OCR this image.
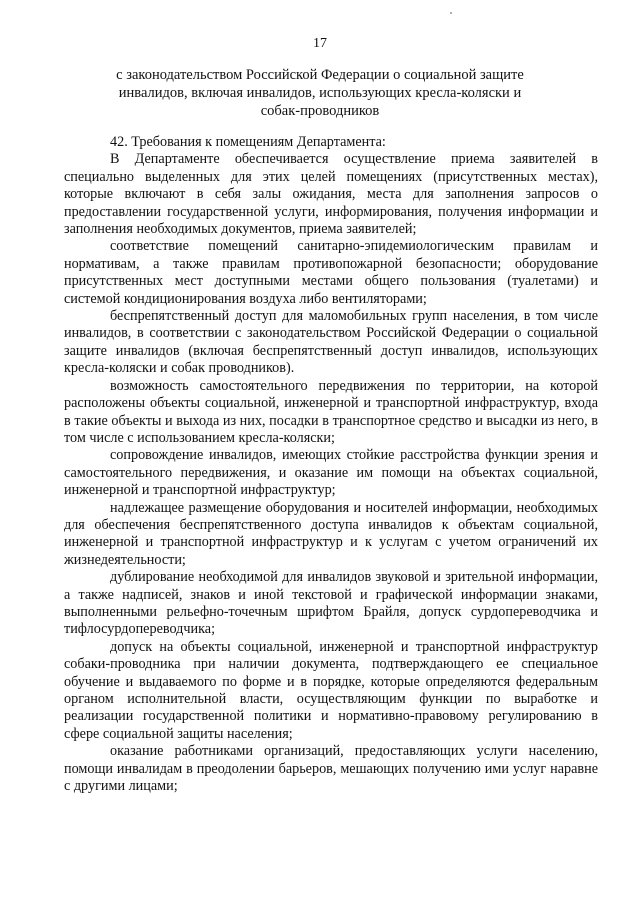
17
с законодательством Российской Федерации о социальной защите инвалидов, включая инвалидов, использующих кресла-коляски и собак-проводников

42. Требования к помещениям Департамента:

В Департаменте обеспечивается осуществление приема заявителей в специально выделенных для этих целей помещениях (присутственных местах), которые включают в себя залы ожидания, места для заполнения запросов о предоставлении государственной услуги, информирования, получения информации и заполнения необходимых документов, приема заявителей;

соответствие помещений санитарно-эпидемиологическим правилам и нормативам, а также правилам противопожарной безопасности; оборудование присутственных мест доступными местами общего пользования (туалетами) и системой кондиционирования воздуха либо вентиляторами;

беспрепятственный доступ для маломобильных групп населения, в том числе инвалидов, в соответствии с законодательством Российской Федерации о социальной защите инвалидов (включая беспрепятственный доступ инвалидов, использующих кресла-коляски и собак проводников).

возможность самостоятельного передвижения по территории, на которой расположены объекты социальной, инженерной и транспортной инфраструктур, входа в такие объекты и выхода из них, посадки в транспортное средство и высадки из него, в том числе с использованием кресла-коляски;

сопровождение инвалидов, имеющих стойкие расстройства функции зрения и самостоятельного передвижения, и оказание им помощи на объектах социальной, инженерной и транспортной инфраструктур;

надлежащее размещение оборудования и носителей информации, необходимых для обеспечения беспрепятственного доступа инвалидов к объектам социальной, инженерной и транспортной инфраструктур и к услугам с учетом ограничений их жизнедеятельности;

дублирование необходимой для инвалидов звуковой и зрительной информации, а также надписей, знаков и иной текстовой и графической информации знаками, выполненными рельефно-точечным шрифтом Брайля, допуск сурдопереводчика и тифлосурдопереводчика;

допуск на объекты социальной, инженерной и транспортной инфраструктур собаки-проводника при наличии документа, подтверждающего ее специальное обучение и выдаваемого по форме и в порядке, которые определяются федеральным органом исполнительной власти, осуществляющим функции по выработке и реализации государственной политики и нормативно-правовому регулированию в сфере социальной защиты населения;

оказание работниками организаций, предоставляющих услуги населению, помощи инвалидам в преодолении барьеров, мешающих получению ими услуг наравне с другими лицами;
